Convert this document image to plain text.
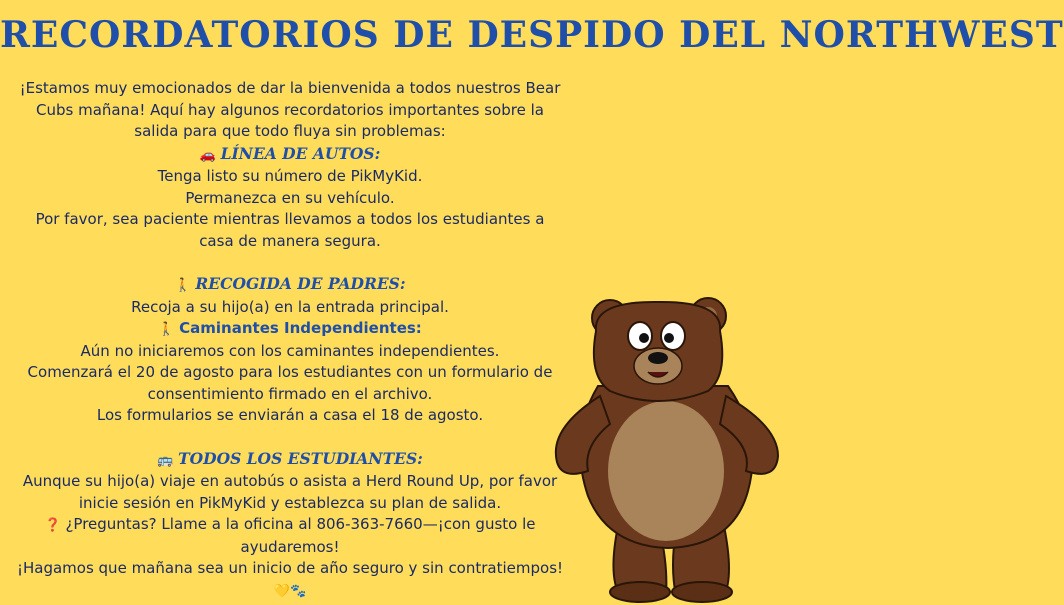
RECORDATORIOS DE DESPIDO DEL NORTHWEST

¡Estamos muy emocionados de dar la bienvenida a todos nuestros Bear Cubs mañana! Aquí hay algunos recordatorios importantes sobre la salida para que todo fluya sin problemas:

🚗 LÍNEA DE AUTOS:

Tenga listo su número de PikMyKid.

Permanezca en su vehículo.

Por favor, sea paciente mientras llevamos a todos los estudiantes a casa de manera segura.

🚶 RECOGIDA DE PADRES:

Recoja a su hijo(a) en la entrada principal.

🚶 Caminantes Independientes:

Aún no iniciaremos con los caminantes independientes.

Comenzará el 20 de agosto para los estudiantes con un formulario de consentimiento firmado en el archivo.

Los formularios se enviarán a casa el 18 de agosto.

🚌 TODOS LOS ESTUDIANTES:

Aunque su hijo(a) viaje en autobús o asista a Herd Round Up, por favor inicie sesión en PikMyKid y establezca su plan de salida.

❓ ¿Preguntas? Llame a la oficina al 806-363-7660—¡con gusto le ayudaremos!

¡Hagamos que mañana sea un inicio de año seguro y sin contratiempos!

💛🐾
